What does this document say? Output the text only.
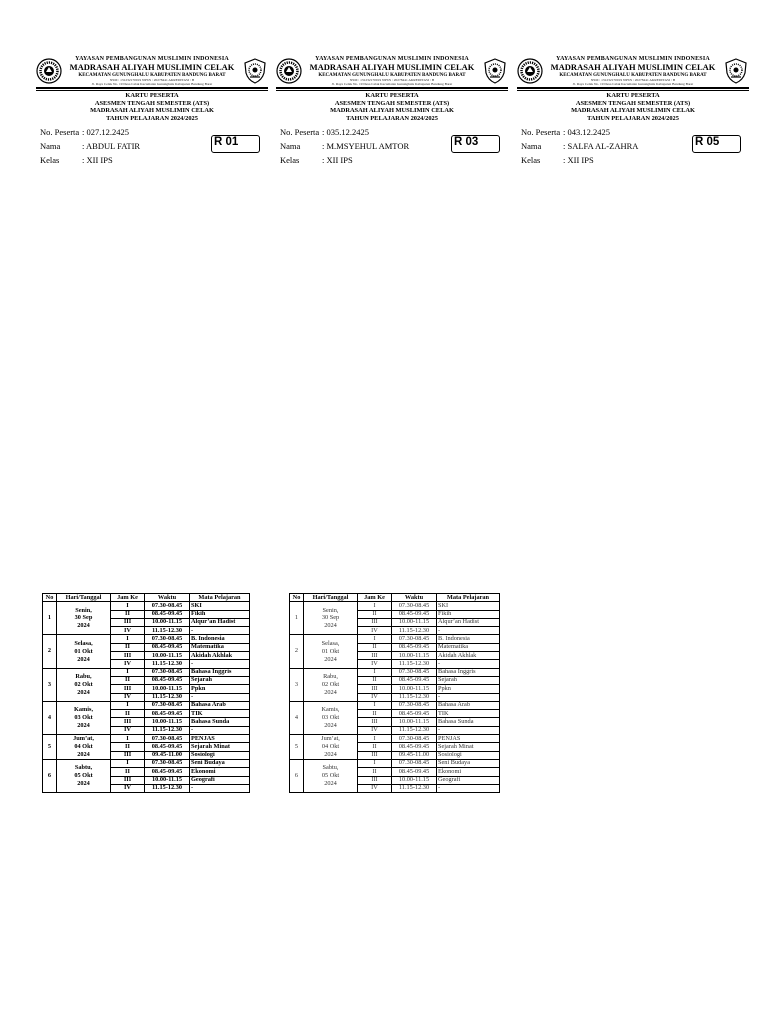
YAYASAN PEMBANGUNAN MUSLIMIN INDONESIA
MADRASAH ALIYAH MUSLIMIN CELAK
KECAMATAN GUNUNGHALU KABUPATEN BANDUNG BARAT
NSM : 131232170019 NPSN : 20278441 AKREDITASI : B
Jl. Raya Celak No. 19 Desa Celak Kecamatan Gununghalu Kabupaten Bandung Barat
KARTU PESERTA
ASESMEN TENGAH SEMESTER (ATS)
MADRASAH ALIYAH MUSLIMIN CELAK
TAHUN PELAJARAN 2024/2025
No. Peserta : 027.12.2425
Nama	: ABDUL FATIR
Kelas	: XII IPS
R 01
YAYASAN PEMBANGUNAN MUSLIMIN INDONESIA
MADRASAH ALIYAH MUSLIMIN CELAK
KECAMATAN GUNUNGHALU KABUPATEN BANDUNG BARAT
NSM : 131232170019 NPSN : 20278441 AKREDITASI : B
Jl. Raya Celak No. 19 Desa Celak Kecamatan Gununghalu Kabupaten Bandung Barat
KARTU PESERTA
ASESMEN TENGAH SEMESTER (ATS)
MADRASAH ALIYAH MUSLIMIN CELAK
TAHUN PELAJARAN 2024/2025
No. Peserta : 035.12.2425
Nama	: M.MSYEHUL AMTOR
Kelas	: XII IPS
R 03
YAYASAN PEMBANGUNAN MUSLIMIN INDONESIA
MADRASAH ALIYAH MUSLIMIN CELAK
KECAMATAN GUNUNGHALU KABUPATEN BANDUNG BARAT
NSM : 131232170019 NPSN : 20278441 AKREDITASI : B
Jl. Raya Celak No. 19 Desa Celak Kecamatan Gununghalu Kabupaten Bandung Barat
KARTU PESERTA
ASESMEN TENGAH SEMESTER (ATS)
MADRASAH ALIYAH MUSLIMIN CELAK
TAHUN PELAJARAN 2024/2025
No. Peserta : 043.12.2425
Nama	: SALFA AL-ZAHRA
Kelas	: XII IPS
R 05
No	Hari/Tanggal	Jam Ke	Waktu	Mata Pelajaran
1	Senin,
30 Sep
2024	I	07.30-08.45	SKI
		II	08.45-09.45	Fikih
		III	10.00-11.15	Alqur’an Hadist
		IV	11.15-12.30	-
2	Selasa,
01 Okt
2024	I	07.30-08.45	B. Indonesia
		II	08.45-09.45	Matematika
		III	10.00-11.15	Akidah Akhlak
		IV	11.15-12.30	-
3	Rabu,
02 Okt
2024	I	07.30-08.45	Bahasa Inggris
		II	08.45-09.45	Sejarah
		III	10.00-11.15	Ppkn
		IV	11.15-12.30	-
4	Kamis,
03 Okt
2024	I	07.30-08.45	Bahasa Arab
		II	08.45-09.45	TIK
		III	10.00-11.15	Bahasa Sunda
		IV	11.15-12.30	-
5	Jum’at,
04 Okt
2024	I	07.30-08.45	PENJAS
		II	08.45-09.45	Sejarah Minat
		III	09.45-11.00	Sosiologi
6	Sabtu,
05 Okt
2024	I	07.30-08.45	Seni Budaya
		II	08.45-09.45	Ekonomi
		III	10.00-11.15	Geografi
		IV	11.15-12.30	-
No	Hari/Tanggal	Jam Ke	Waktu	Mata Pelajaran
1	Senin,
30 Sep
2024	I	07.30-08.45	SKI
		II	08.45-09.45	Fikih
		III	10.00-11.15	Alqur’an Hadist
		IV	11.15-12.30	-
2	Selasa,
01 Okt
2024	I	07.30-08.45	B. Indonesia
		II	08.45-09.45	Matematika
		III	10.00-11.15	Akidah Akhlak
		IV	11.15-12.30	-
3	Rabu,
02 Okt
2024	I	07.30-08.45	Bahasa Inggris
		II	08.45-09.45	Sejarah
		III	10.00-11.15	Ppkn
		IV	11.15-12.30	-
4	Kamis,
03 Okt
2024	I	07.30-08.45	Bahasa Arab
		II	08.45-09.45	TIK
		III	10.00-11.15	Bahasa Sunda
		IV	11.15-12.30	-
5	Jum’at,
04 Okt
2024	I	07.30-08.45	PENJAS
		II	08.45-09.45	Sejarah Minat
		III	09.45-11.00	Sosiologi
6	Sabtu,
05 Okt
2024	I	07.30-08.45	Seni Budaya
		II	08.45-09.45	Ekonomi
		III	10.00-11.15	Geografi
		IV	11.15-12.30	-
